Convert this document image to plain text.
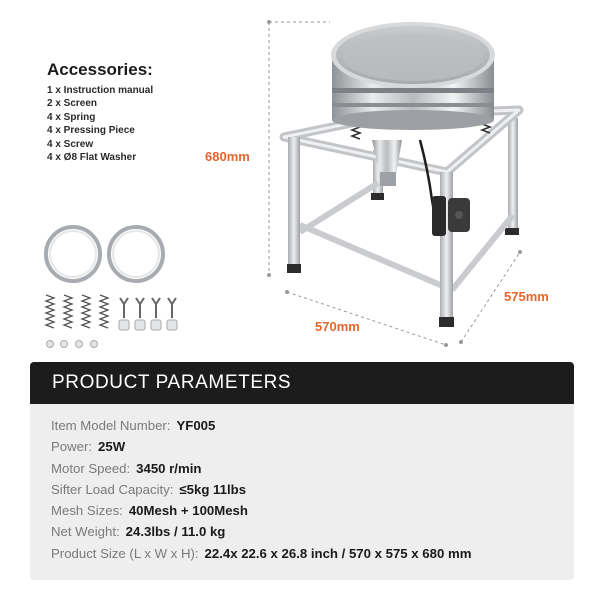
Accessories:
1 x Instruction manual
2 x Screen
4 x Spring
4 x Pressing Piece
4 x Screw
4 x Ø8 Flat Washer	680mm
575mm
570mm
PRODUCT PARAMETERS
Item Model Number: YF005
Power: 25W
Motor Speed: 3450 r/min
Sifter Load Capacity: ≤5kg 11lbs
Mesh Sizes: 40Mesh + 100Mesh
Net Weight: 24.3lbs / 11.0 kg
Product Size (L x W x H): 22.4x 22.6 x 26.8 inch / 570 x 575 x 680 mm
